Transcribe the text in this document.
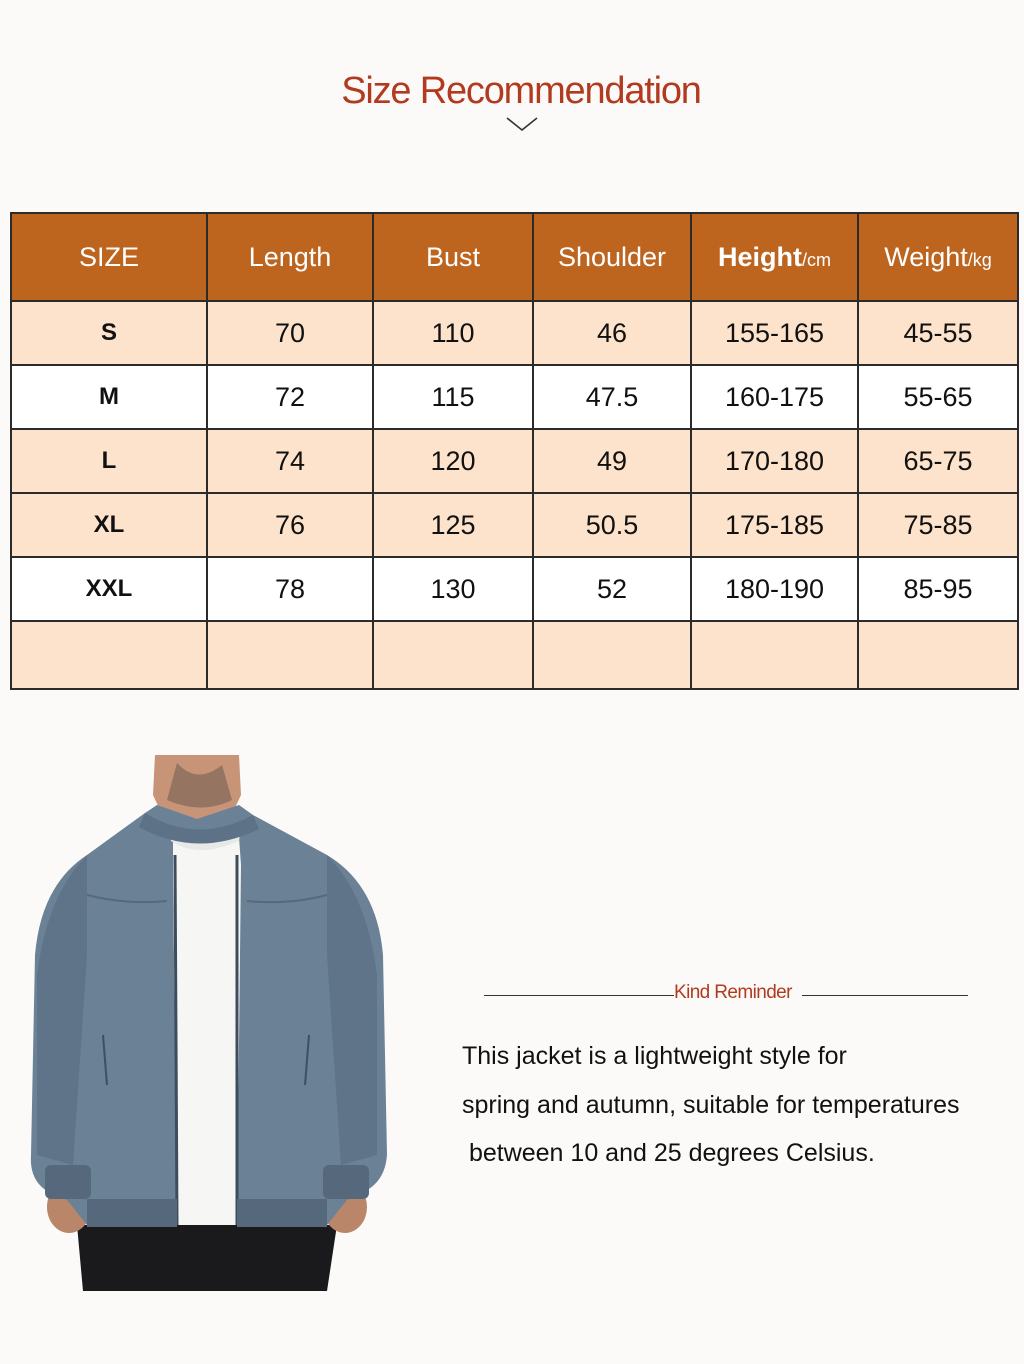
Size Recommendation
SIZE	Length	Bust	Shoulder	Height/cm	Weight/kg
S	70	110	46	155-165	45-55
M	72	115	47.5	160-175	55-65
L	74	120	49	170-180	65-75
XL	76	125	50.5	175-185	75-85
XXL	78	130	52	180-190	85-95

Kind Reminder
This jacket is a lightweight style for
spring and autumn, suitable for temperatures
between 10 and 25 degrees Celsius.
